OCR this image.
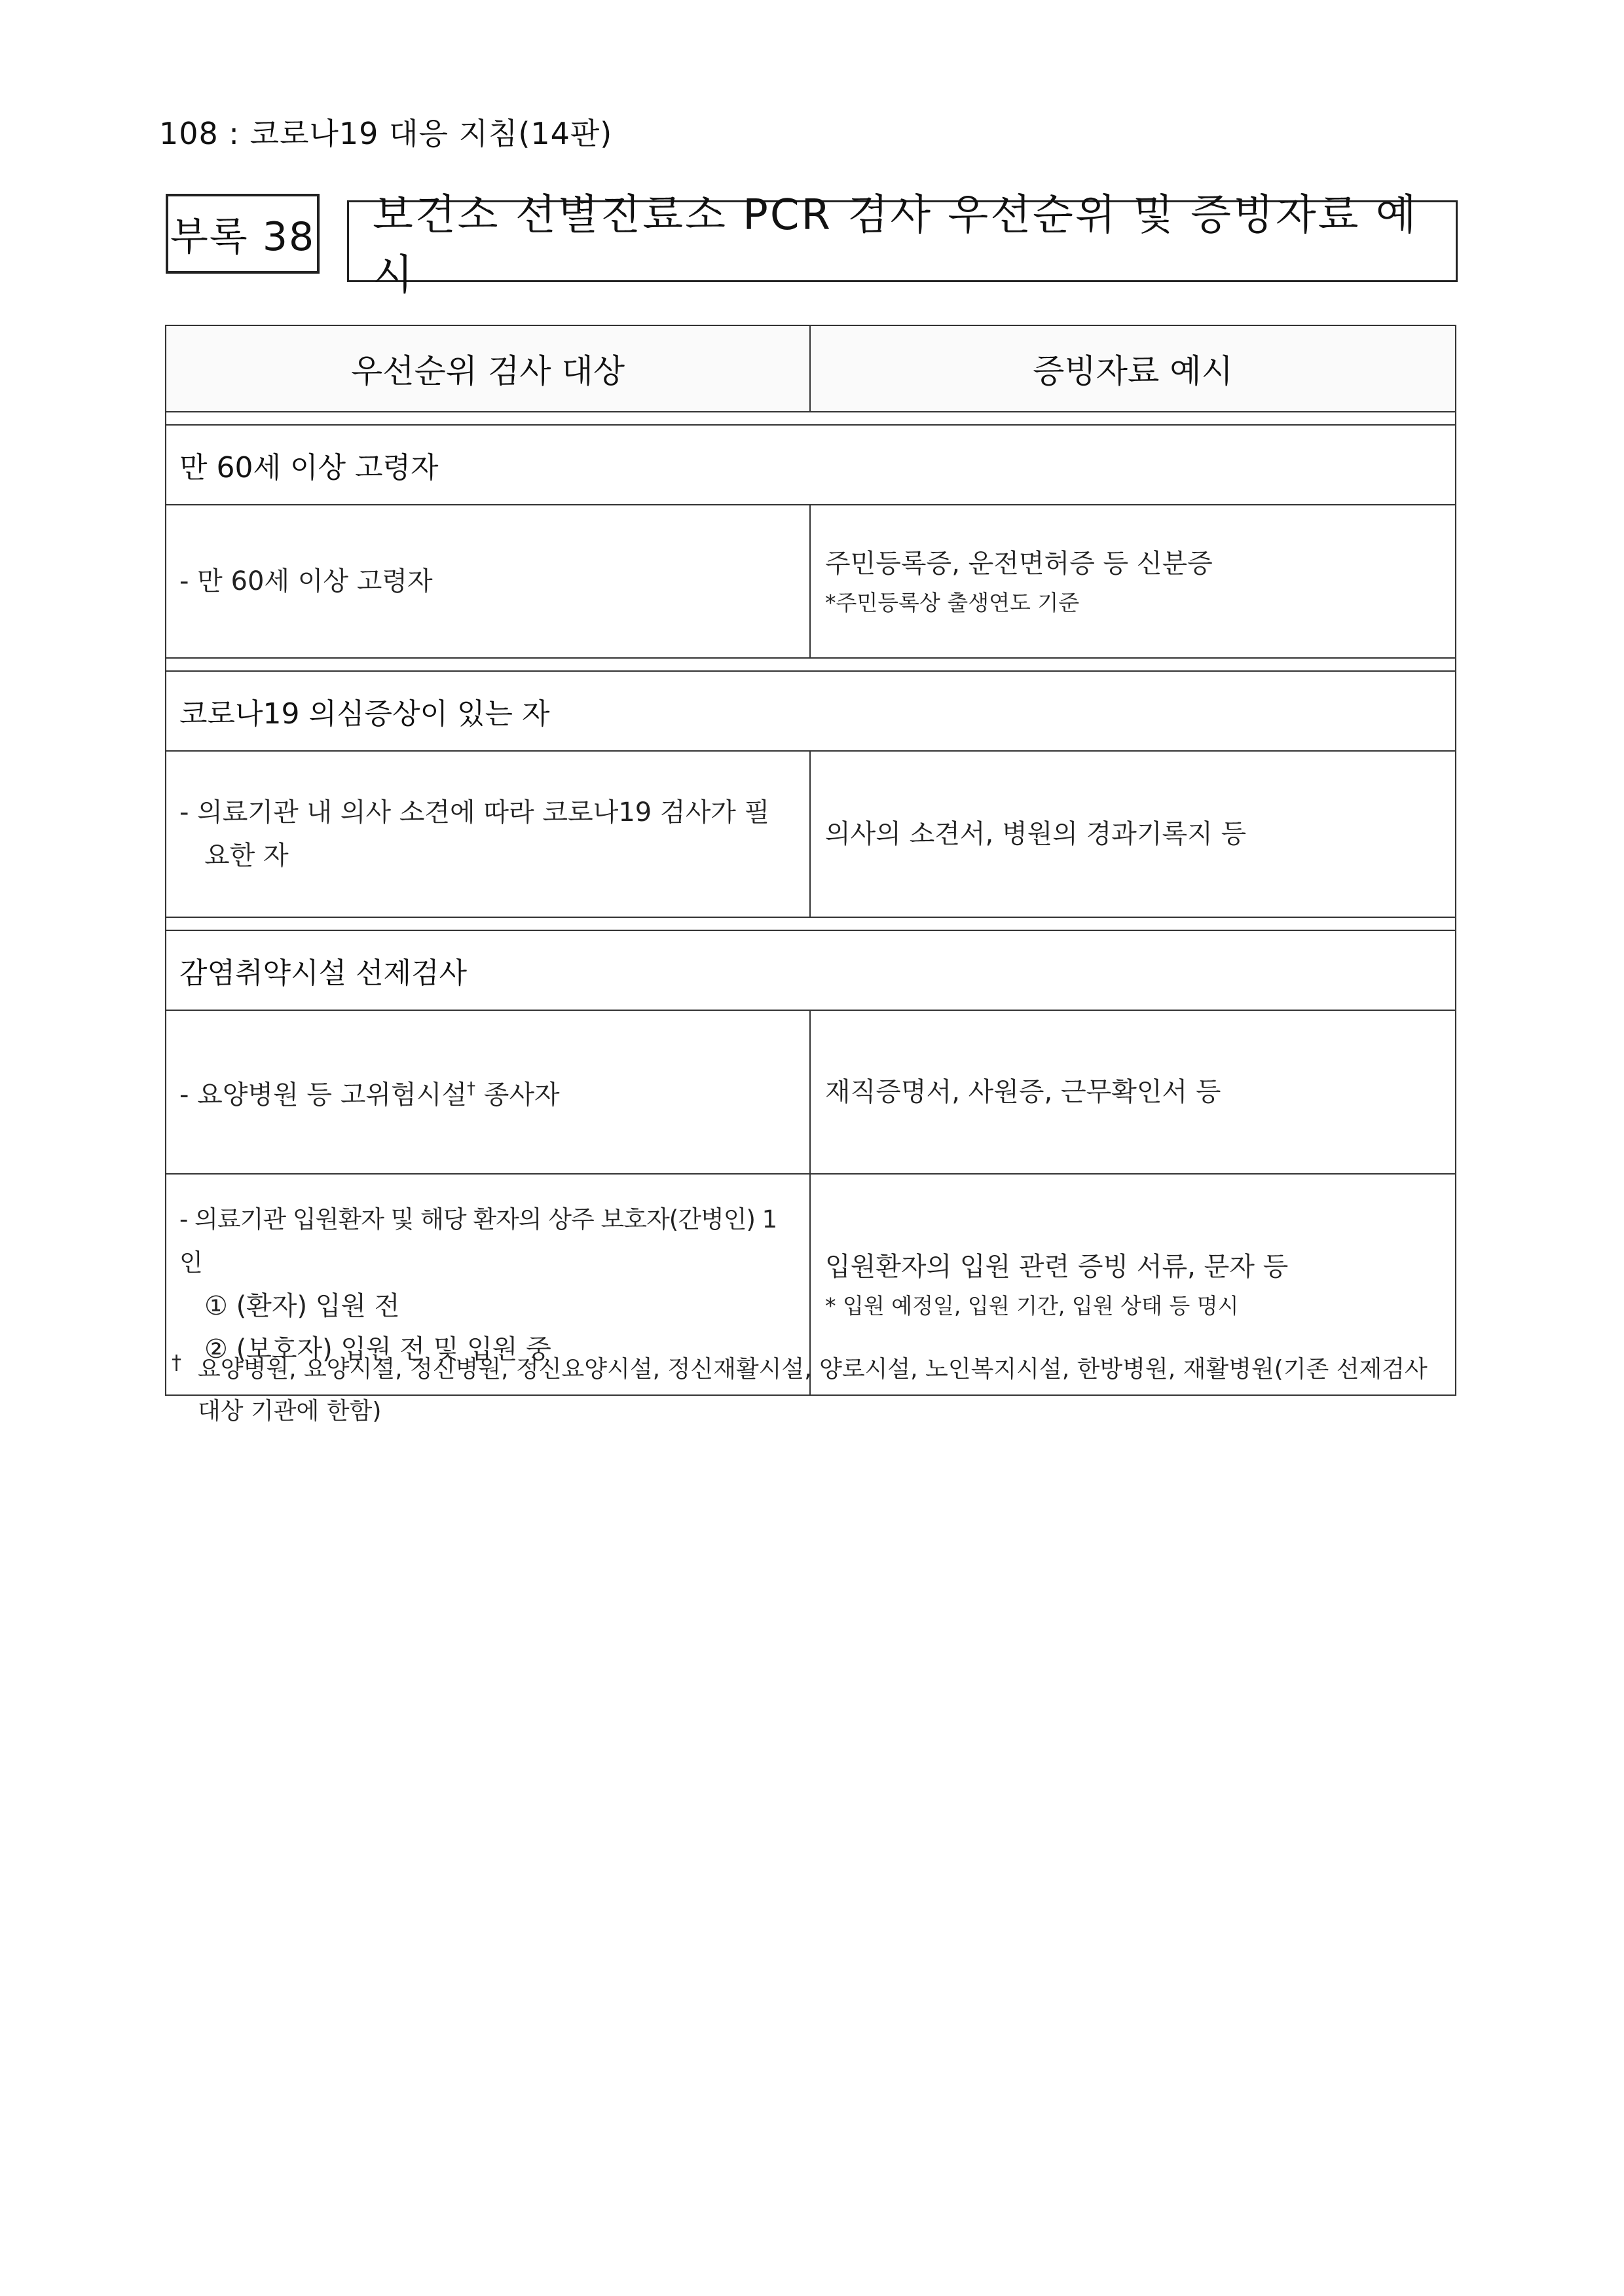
108 : 코로나19 대응 지침(14판)
부록 38	보건소 선별진료소 PCR 검사 우선순위 및 증빙자료 예시
우선순위 검사 대상	증빙자료 예시

만 60세 이상 고령자	
- 만 60세 이상 고령자	주민등록증, 운전면허증 등 신분증
*주민등록상 출생연도 기준

코로나19 의심증상이 있는 자	

- 의료기관 내 의사 소견에 따라 코로나19 검사가 필
요한 자	의사의 소견서, 병원의 경과기록지 등

감염취약시설 선제검사	
- 요양병원 등 고위험시설† 종사자	재직증명서, 사원증, 근무확인서 등

- 의료기관 입원환자 및 해당 환자의 상주 보호자(간병인) 1인
① (환자) 입원 전
② (보호자) 입원 전 및 입원 중	입원환자의 입원 관련 증빙 서류, 문자 등
* 입원 예정일, 입원 기간, 입원 상태 등 명시
† 요양병원, 요양시설, 정신병원, 정신요양시설, 정신재활시설, 양로시설, 노인복지시설, 한방병원, 재활병원(기존 선제검사 대상 기관에 한함)
